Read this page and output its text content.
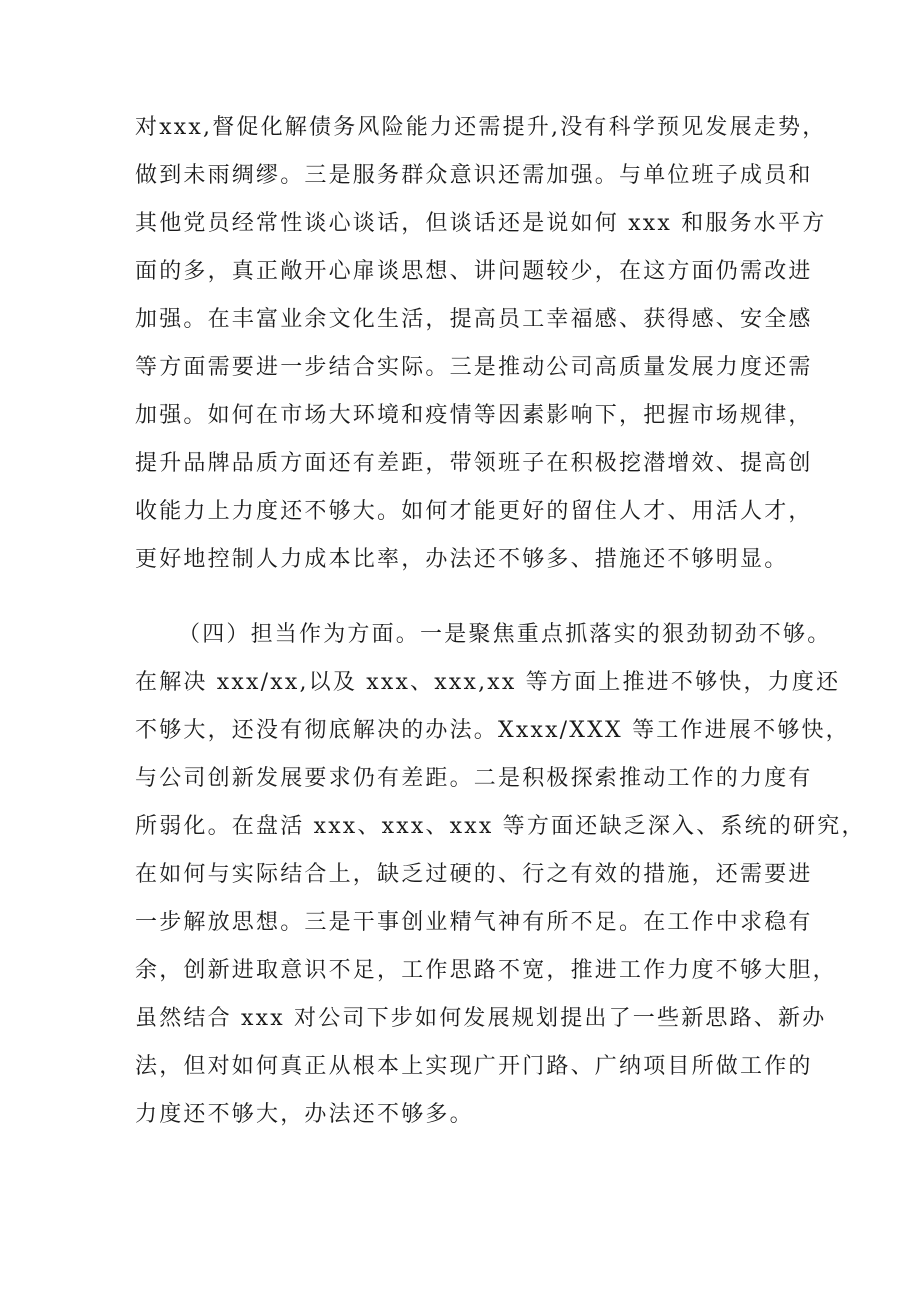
对xxx,督促化解债务风险能力还需提升,没有科学预见发展走势，
做到未雨绸缪。三是服务群众意识还需加强。与单位班子成员和
其他党员经常性谈心谈话，但谈话还是说如何 xxx 和服务水平方
面的多，真正敞开心扉谈思想、讲问题较少，在这方面仍需改进
加强。在丰富业余文化生活，提高员工幸福感、获得感、安全感
等方面需要进一步结合实际。三是推动公司高质量发展力度还需
加强。如何在市场大环境和疫情等因素影响下，把握市场规律，
提升品牌品质方面还有差距，带领班子在积极挖潜增效、提高创
收能力上力度还不够大。如何才能更好的留住人才、用活人才，
更好地控制人力成本比率，办法还不够多、措施还不够明显。
（四）担当作为方面。一是聚焦重点抓落实的狠劲韧劲不够。
在解决 xxx/xx,以及 xxx、xxx,xx 等方面上推进不够快，力度还
不够大，还没有彻底解决的办法。Xxxx/XXX 等工作进展不够快，
与公司创新发展要求仍有差距。二是积极探索推动工作的力度有
所弱化。在盘活 xxx、xxx、xxx 等方面还缺乏深入、系统的研究，
在如何与实际结合上，缺乏过硬的、行之有效的措施，还需要进
一步解放思想。三是干事创业精气神有所不足。在工作中求稳有
余，创新进取意识不足，工作思路不宽，推进工作力度不够大胆，
虽然结合 xxx 对公司下步如何发展规划提出了一些新思路、新办
法，但对如何真正从根本上实现广开门路、广纳项目所做工作的
力度还不够大，办法还不够多。
